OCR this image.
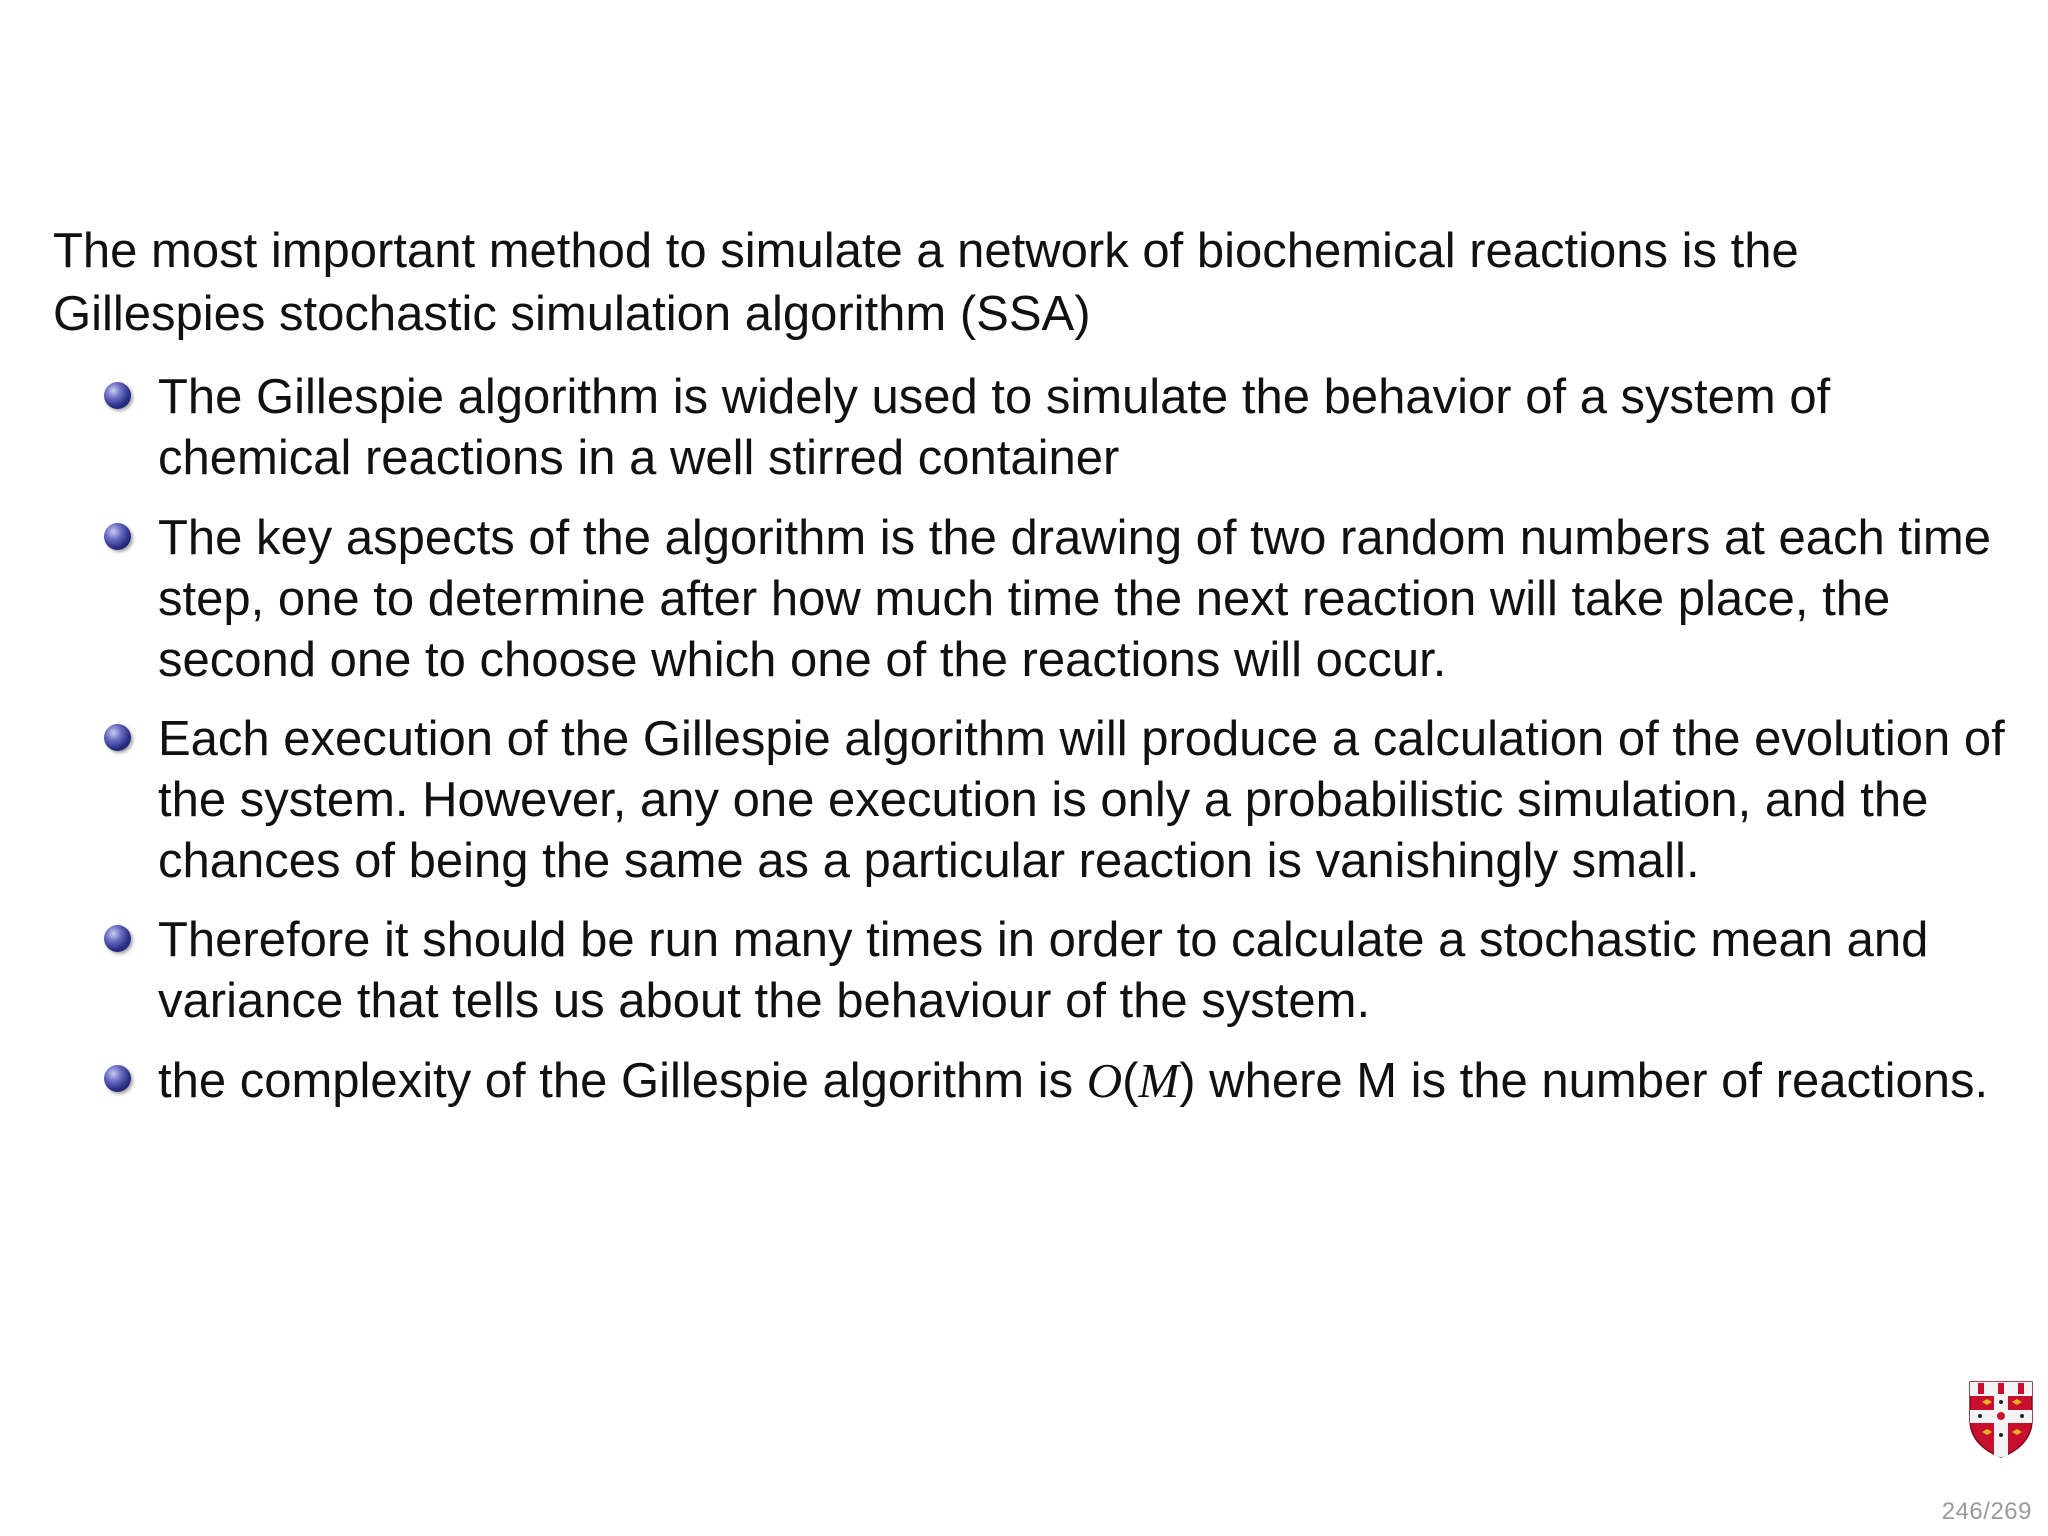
The most important method to simulate a network of biochemical reactions is the Gillespies stochastic simulation algorithm (SSA)

The Gillespie algorithm is widely used to simulate the behavior of a system of chemical reactions in a well stirred container
The key aspects of the algorithm is the drawing of two random numbers at each time step, one to determine after how much time the next reaction will take place, the second one to choose which one of the reactions will occur.
Each execution of the Gillespie algorithm will produce a calculation of the evolution of the system. However, any one execution is only a probabilistic simulation, and the chances of being the same as a particular reaction is vanishingly small.
Therefore it should be run many times in order to calculate a stochastic mean and variance that tells us about the behaviour of the system.
the complexity of the Gillespie algorithm is O(M) where M is the number of reactions.
246/269
